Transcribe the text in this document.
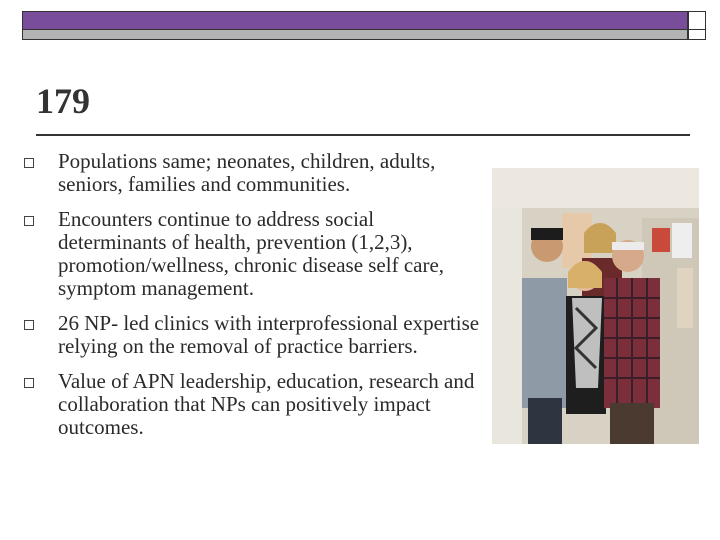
179
Populations same; neonates, children, adults, seniors, families and communities.
Encounters continue to address social determinants of health, prevention (1,2,3), promotion/wellness, chronic disease self care, symptom management.
26 NP- led clinics with interprofessional expertise relying on the removal of practice barriers.
Value of APN leadership, education, research and collaboration that NPs can positively impact outcomes.
